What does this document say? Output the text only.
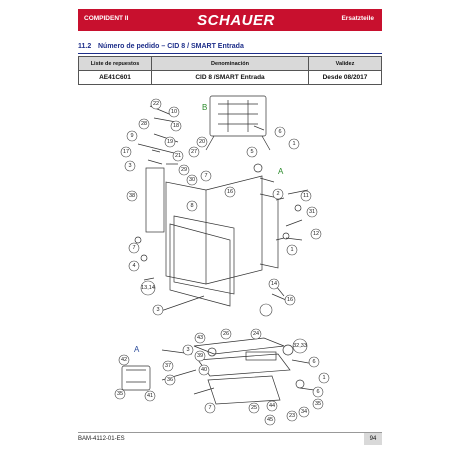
COMPIDENT II	SCHAUER	Ersatzteile
11.2 Número de pedido – CID 8 / SMART Entrada
Liste de repuestos	Denominación	Validez
AE41C601	CID 8 /SMART Entrada	Desde 08/2017
B
A
A
22
10
9
28	18
17
19
3
21
27
29
20
30
6
1
7
5
16
38
8
31
11
12
2
1
7
4
3	15
16
14
13,14
43
26	24
3
32,33
39
6
42
40
37
35	41
36	1
6
35
7	25 44
45
23
34
BAM-4112-01-ES	94
